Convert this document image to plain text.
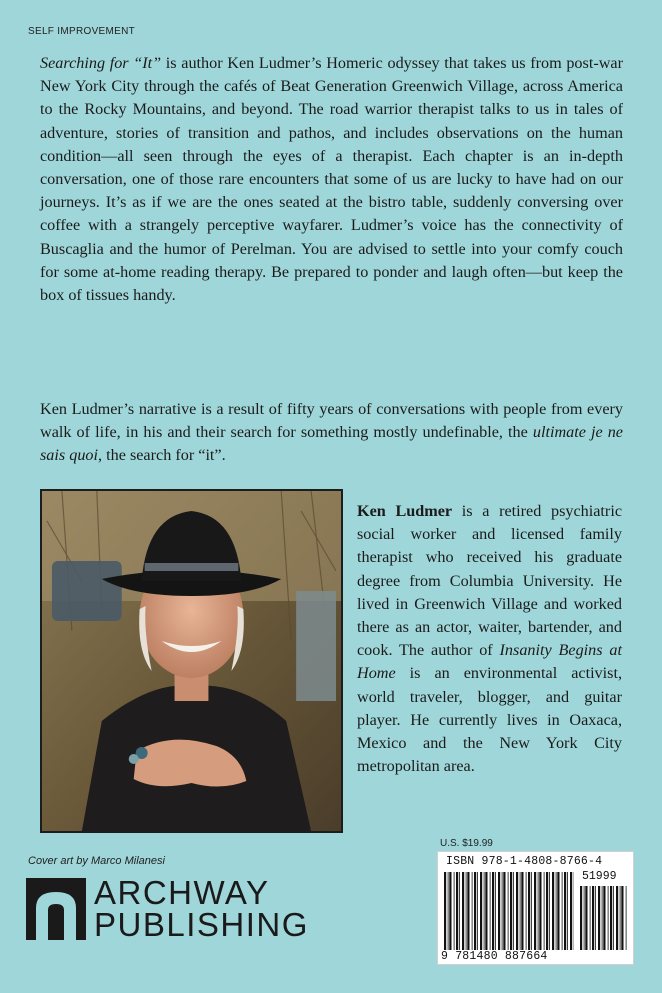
SELF IMPROVEMENT
Searching for “It” is author Ken Ludmer’s Homeric odyssey that takes us from post-war New York City through the cafés of Beat Generation Greenwich Village, across America to the Rocky Mountains, and beyond. The road warrior therapist talks to us in tales of adventure, stories of transition and pathos, and includes observations on the human condition—all seen through the eyes of a therapist. Each chapter is an in-depth conversation, one of those rare encounters that some of us are lucky to have had on our journeys. It’s as if we are the ones seated at the bistro table, suddenly conversing over coffee with a strangely perceptive wayfarer. Ludmer’s voice has the connectivity of Buscaglia and the humor of Perelman. You are advised to settle into your comfy couch for some at-home reading therapy. Be prepared to ponder and laugh often—but keep the box of tissues handy.
Ken Ludmer’s narrative is a result of fifty years of conversations with people from every walk of life, in his and their search for something mostly undefinable, the ultimate je ne sais quoi, the search for “it”.
Ken Ludmer is a retired psychiatric social worker and licensed family therapist who received his graduate degree from Columbia University. He lived in Greenwich Village and worked there as an actor, waiter, bartender, and cook. The author of Insanity Begins at Home is an environmental activist, world traveler, blogger, and guitar player. He currently lives in Oaxaca, Mexico and the New York City metropolitan area.
Cover art by Marco Milanesi
ARCHWAY
PUBLISHING
U.S. $19.99
ISBN 978-1-4808-8766-4
51999
9 781480 887664
